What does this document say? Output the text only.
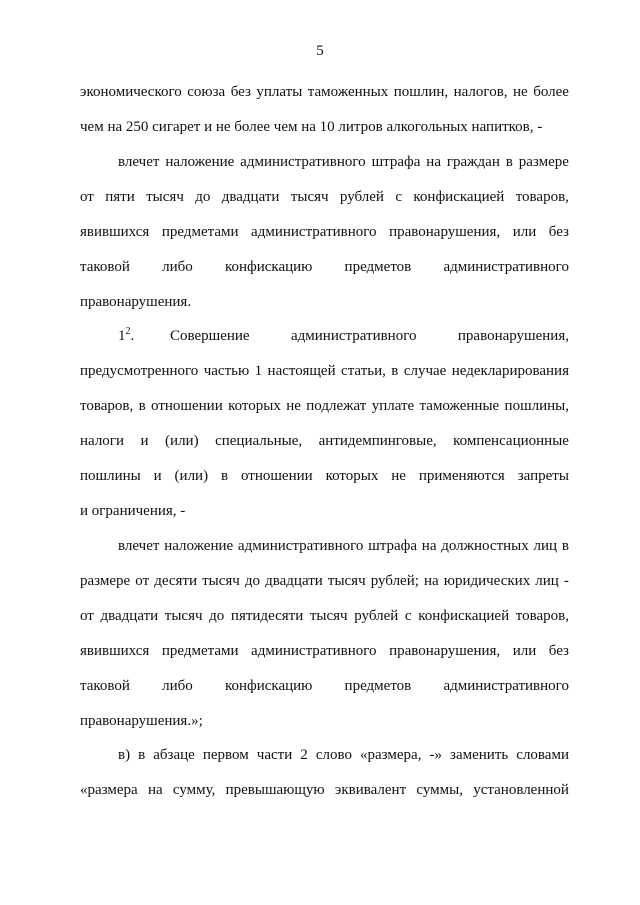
5
экономического союза без уплаты таможенных пошлин, налогов, не более
чем на 250 сигарет и не более чем на 10 литров алкогольных напитков, -
влечет наложение административного штрафа на граждан в размере
от пяти тысяч до двадцати тысяч рублей с конфискацией товаров,
явившихся предметами административного правонарушения, или без
таковой либо конфискацию предметов административного
правонарушения.
$1^2$. Совершение	административного	правонарушения,
предусмотренного частью 1 настоящей статьи, в случае недекларирования
товаров, в отношении которых не подлежат уплате таможенные пошлины,
налоги и (или) специальные, антидемпинговые, компенсационные
пошлины и (или) в отношении которых не применяются запреты
и ограничения, -
влечет наложение административного штрафа на должностных лиц в
размере от десяти тысяч до двадцати тысяч рублей; на юридических лиц -
от двадцати тысяч до пятидесяти тысяч рублей с конфискацией товаров,
явившихся предметами административного правонарушения, или без
таковой либо конфискацию предметов административного
правонарушения.»;
в) в абзаце первом части 2 слово «размера, -» заменить словами
«размера на сумму, превышающую эквивалент суммы, установленной
